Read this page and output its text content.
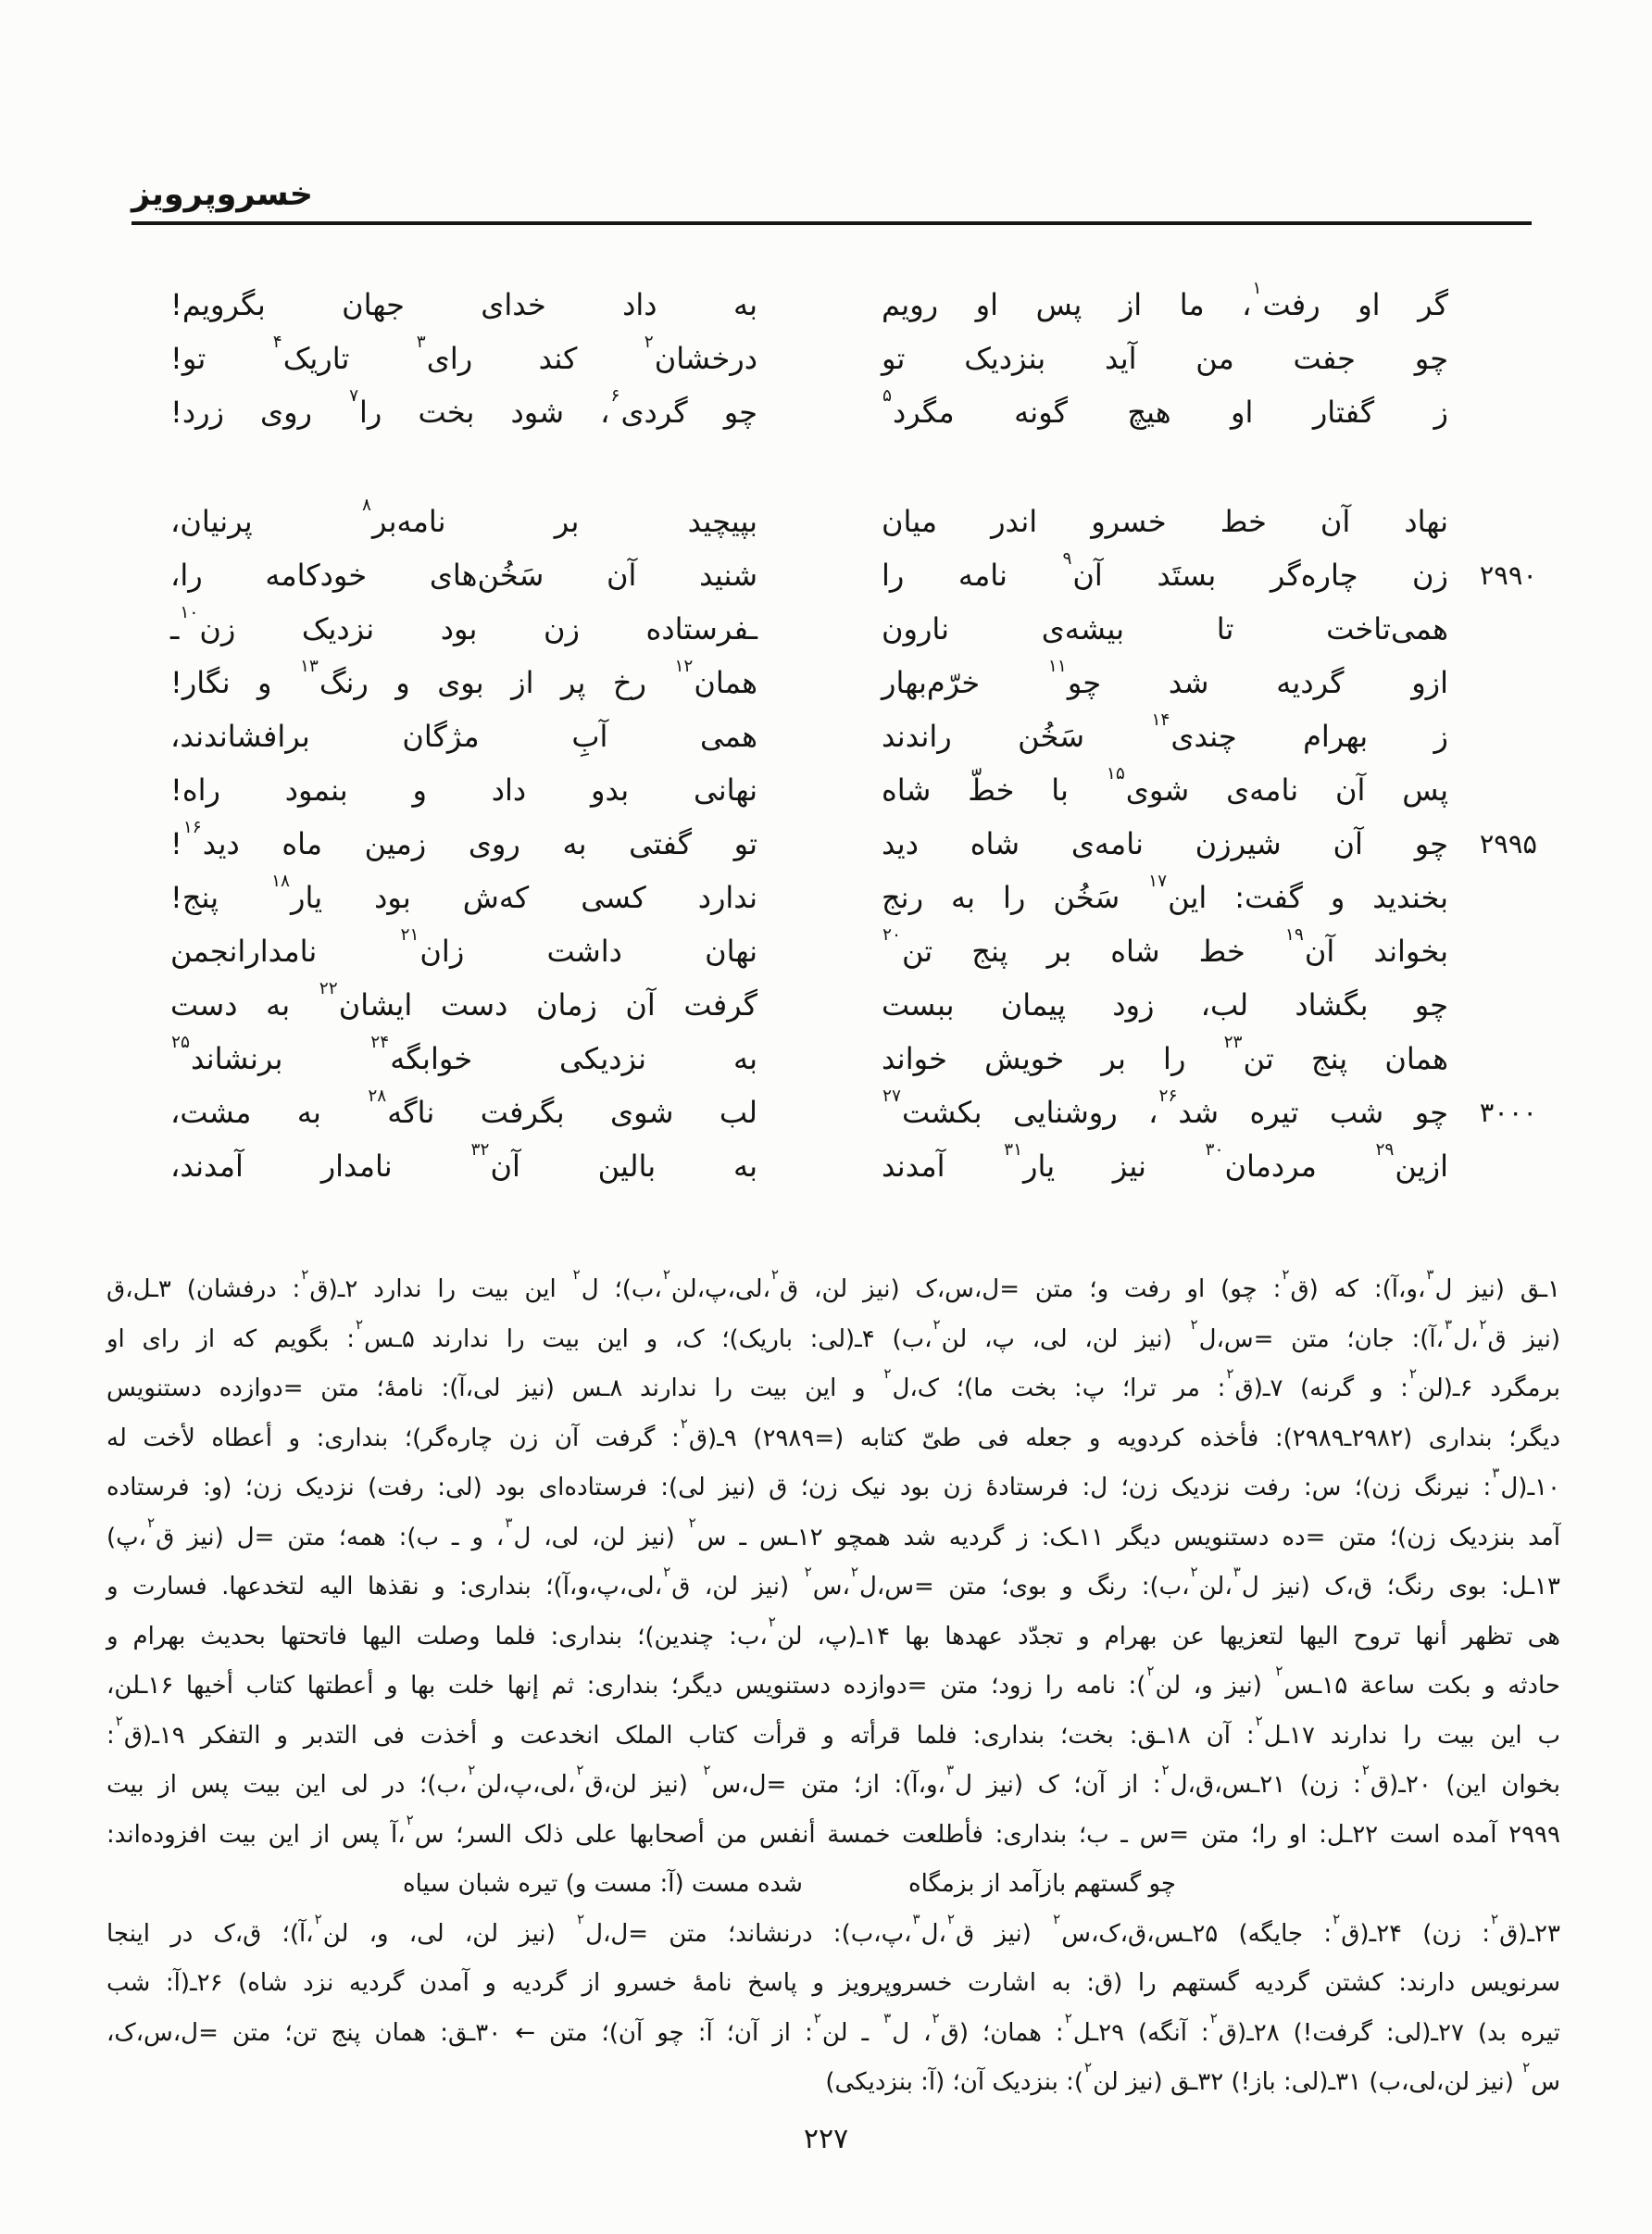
خسروپرویز
گر او رفت$^۱$، ما از پس او رویم
به داد خدای جهان بگرویم!
چو جفت من آید بنزدیک تو
درخشان$^۲$ کند رای$^۳$ تاریک$^۴$ تو!
ز گفتار او هیچ گونه مگرد$^۵$
چو گردی$^۶$، شود بخت را$^۷$ روی زرد!
نهاد آن خط خسرو اندر میان
بپیچید بر نامه‌بر$^۸$ پرنیان،
۲۹۹۰
زن چاره‌گر بستَد آن$^۹$ نامه را
شنید آن سَخُن‌های خودکامه را،
همی‌تاخت تا بیشه‌ی نارون
ـفرستاده زن بود نزدیک زن$^{۱۰}$ـ
ازو گردیه شد چو$^{۱۱}$ خرّم‌بهار
همان$^{۱۲}$ رخ پر از بوی و رنگ$^{۱۳}$ و نگار!
ز بهرام چندی$^{۱۴}$ سَخُن راندند
همی آبِ مژگان برافشاندند،
پس آن نامه‌ی شوی$^{۱۵}$ با خطّ شاه
نهانی بدو داد و بنمود راه!
۲۹۹۵
چو آن شیرزن نامه‌ی شاه دید
تو گفتی به روی زمین ماه دید$^{۱۶}$!
بخندید و گفت: این$^{۱۷}$ سَخُن را به رنج
ندارد کسی که‌ش بود یار$^{۱۸}$ پنج!
بخواند آن$^{۱۹}$ خط شاه بر پنج تن$^{۲۰}$
نهان داشت زان$^{۲۱}$ نامدارانجمن
چو بگشاد لب، زود پیمان ببست
گرفت آن زمان دست ایشان$^{۲۲}$ به دست
همان پنج تن$^{۲۳}$ را بر خویش خواند
به نزدیکی خوابگه$^{۲۴}$ برنشاند$^{۲۵}$
۳۰۰۰
چو شب تیره شد$^{۲۶}$، روشنایی بکشت$^{۲۷}$
لب شوی بگرفت ناگه$^{۲۸}$ به مشت،
ازین$^{۲۹}$ مردمان$^{۳۰}$ نیز یار$^{۳۱}$ آمدند
به بالین آن$^{۳۲}$ نامدار آمدند،
۱ـق (نیز ل$^۳$،و،آ): که (ق$^۲$: چو) او رفت و؛ متن =ل،س،ک (نیز لن، ق$^۲$،لی،پ،لن$^۲$،ب)؛ ل$^۲$ این بیت را ندارد ۲ـ(ق$^۲$: درفشان) ۳ـل،ق
(نیز ق$^۲$،ل$^۳$،آ): جان؛ متن =س،ل$^۲$ (نیز لن، لی، پ، لن$^۲$،ب) ۴ـ(لی: باریک)؛ ک، و این بیت را ندارند ۵ـس$^۲$: بگویم که از رای او
برمگرد ۶ـ(لن$^۲$: و گرنه) ۷ـ(ق$^۲$: مر ترا؛ پ: بخت ما)؛ ک،ل$^۲$ و این بیت را ندارند ۸ـس (نیز لی،آ): نامۀ؛ متن =دوازده دستنویس
دیگر؛ بنداری (۲۹۸۲ـ۲۹۸۹): فأخذه کردویه و جعله فی طیّ کتابه (=۲۹۸۹) ۹ـ(ق$^۲$: گرفت آن زن چاره‌گر)؛ بنداری: و أعطاه لأخت له
۱۰ـ(ل$^۳$: نیرنگ زن)؛ س: رفت نزدیک زن؛ ل: فرستادهٔ زن بود نیک زن؛ ق (نیز لی): فرستاده‌ای بود (لی: رفت) نزدیک زن؛ (و: فرستاده
آمد بنزدیک زن)؛ متن =ده دستنویس دیگر ۱۱ـک: ز گردیه شد همچو ۱۲ـس ـ س$^۲$ (نیز لن، لی، ل$^۳$، و ـ ب): همه؛ متن =ل (نیز ق$^۲$،پ)
۱۳ـل: بوی رنگ؛ ق،ک (نیز ل$^۳$،لن$^۲$،ب): رنگ و بوی؛ متن =س،ل$^۲$،س$^۲$ (نیز لن، ق$^۲$،لی،پ،و،آ)؛ بنداری: و نقذها الیه لتخدعها. فسارت و
هی تظهر أنها تروح الیها لتعزیها عن بهرام و تجدّد عهدها بها ۱۴ـ(پ، لن$^۲$،ب: چندین)؛ بنداری: فلما وصلت الیها فاتحتها بحدیث بهرام و
حادثه و بکت ساعة ۱۵ـس$^۲$ (نیز و، لن$^۲$): نامه را زود؛ متن =دوازده دستنویس دیگر؛ بنداری: ثم إنها خلت بها و أعطتها کتاب أخیها ۱۶ـلن،
ب این بیت را ندارند ۱۷ـل$^۲$: آن ۱۸ـق: بخت؛ بنداری: فلما قرأته و قرأت کتاب الملک انخدعت و أخذت فی التدبر و التفکر ۱۹ـ(ق$^۲$:
بخوان این) ۲۰ـ(ق$^۲$: زن) ۲۱ـس،ق،ل$^۲$: از آن؛ ک (نیز ل$^۳$،و،آ): از؛ متن =ل،س$^۲$ (نیز لن،ق$^۲$،لی،پ،لن$^۲$،ب)؛ در لی این بیت پس از بیت
۲۹۹۹ آمده است ۲۲ـل: او را؛ متن =س ـ ب؛ بنداری: فأطلعت خمسة أنفس من أصحابها علی ذلک السر؛ س$^۲$،آ پس از این بیت افزوده‌اند:
چو گستهم بازآمد از بزمگاه
شده مست (آ: مست و) تیره شبان سیاه
۲۳ـ(ق$^۲$: زن) ۲۴ـ(ق$^۲$: جایگه) ۲۵ـس،ق،ک،س$^۲$ (نیز ق$^۲$،ل$^۳$،پ،ب): درنشاند؛ متن =ل،ل$^۲$ (نیز لن، لی، و، لن$^۲$،آ)؛ ق،ک در اینجا
سرنویس دارند: کشتن گردیه گستهم را (ق: به اشارت خسروپرویز و پاسخ نامهٔ خسرو از گردیه و آمدن گردیه نزد شاه) ۲۶ـ(آ: شب
تیره بد) ۲۷ـ(لی: گرفت!) ۲۸ـ(ق$^۲$: آنگه) ۲۹ـل$^۲$: همان؛ (ق$^۲$، ل$^۳$ ـ لن$^۲$: از آن؛ آ: چو آن)؛ متن ← ۳۰ـق: همان پنج تن؛ متن =ل،س،ک،
س$^۲$ (نیز لن،لی،ب) ۳۱ـ(لی: باز!) ۳۲ـق (نیز لن$^۲$): بنزدیک آن؛ (آ: بنزدیکی)
۲۲۷
